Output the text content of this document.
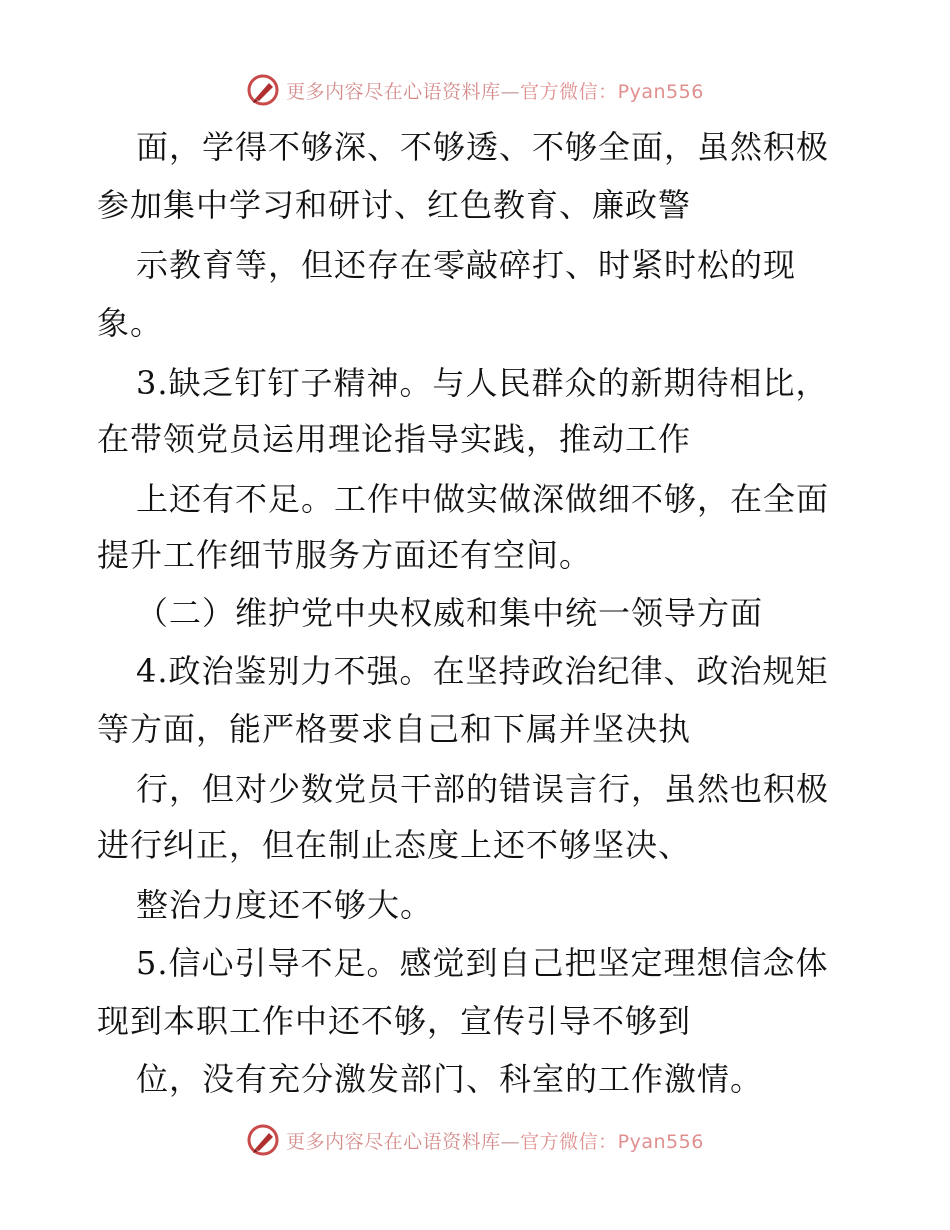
更多内容尽在心语资料库—官方微信：Pyan556
面，学得不够深、不够透、不够全面，虽然积极
参加集中学习和研讨、红色教育、廉政警
示教育等，但还存在零敲碎打、时紧时松的现
象。
3.缺乏钉钉子精神。与人民群众的新期待相比，
在带领党员运用理论指导实践，推动工作
上还有不足。工作中做实做深做细不够，在全面
提升工作细节服务方面还有空间。
（二）维护党中央权威和集中统一领导方面
4.政治鉴别力不强。在坚持政治纪律、政治规矩
等方面，能严格要求自己和下属并坚决执
行，但对少数党员干部的错误言行，虽然也积极
进行纠正，但在制止态度上还不够坚决、
整治力度还不够大。
5.信心引导不足。感觉到自己把坚定理想信念体
现到本职工作中还不够，宣传引导不够到
位，没有充分激发部门、科室的工作激情。
更多内容尽在心语资料库—官方微信：Pyan556
